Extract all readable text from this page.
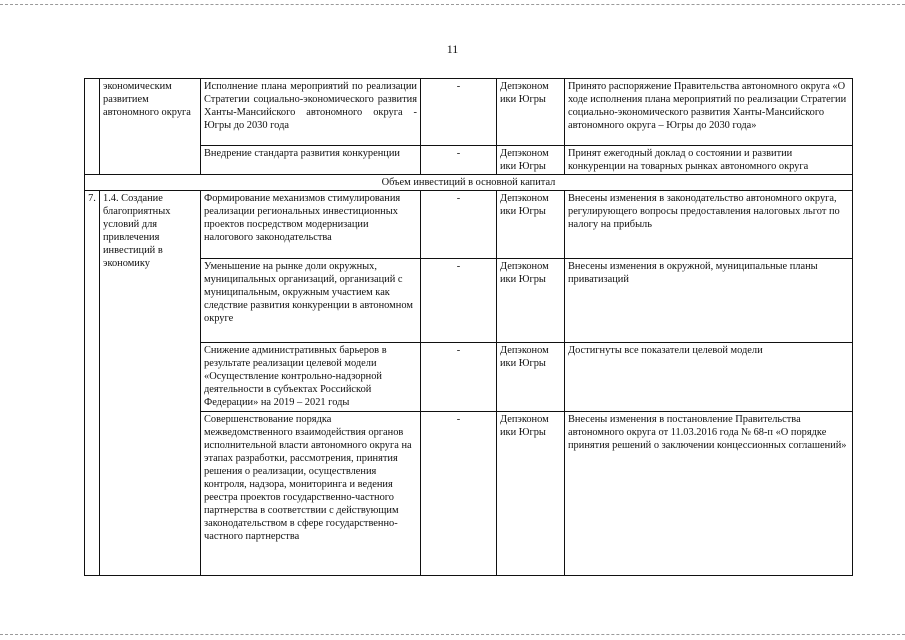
11
	экономическим развитием автономного округа	Исполнение плана мероприятий по реализации Стратегии социально-экономического развития Ханты-Мансийского автономного округа - Югры до 2030 года	-	Депэконом ики Югры	Принято распоряжение Правительства автономного округа «О ходе исполнения плана мероприятий по реализации Стратегии социально-экономического развития Ханты-Мансийского автономного округа – Югры до 2030 года»
		Внедрение стандарта развития конкуренции	-	Депэконом ики Югры	Принят ежегодный доклад о состоянии и развитии конкуренции на товарных рынках автономного округа
Объем инвестиций в основной капитал					
7.	1.4. Создание благоприятных условий для привлечения инвестиций в экономику	Формирование механизмов стимулирования реализации региональных инвестиционных проектов посредством модернизации налогового законодательства	-	Депэконом ики Югры	Внесены изменения в законодательство автономного округа, регулирующего вопросы предоставления налоговых льгот по налогу на прибыль
		Уменьшение на рынке доли окружных, муниципальных организаций, организаций с муниципальным, окружным участием как следствие развития конкуренции в автономном округе	-	Депэконом ики Югры	Внесены изменения в окружной, муниципальные планы приватизаций
		Снижение административных барьеров в результате реализации целевой модели «Осуществление контрольно-надзорной деятельности в субъектах Российской Федерации» на 2019 – 2021 годы	-	Депэконом ики Югры	Достигнуты все показатели целевой модели
		Совершенствование порядка межведомственного взаимодействия органов исполнительной власти автономного округа на этапах разработки, рассмотрения, принятия решения о реализации, осуществления контроля, надзора, мониторинга и ведения реестра проектов государственно-частного партнерства в соответствии с действующим законодательством в сфере государственно-частного партнерства	-	Депэконом ики Югры	Внесены изменения в постановление Правительства автономного округа от 11.03.2016 года № 68-п «О порядке принятия решений о заключении концессионных соглашений»
